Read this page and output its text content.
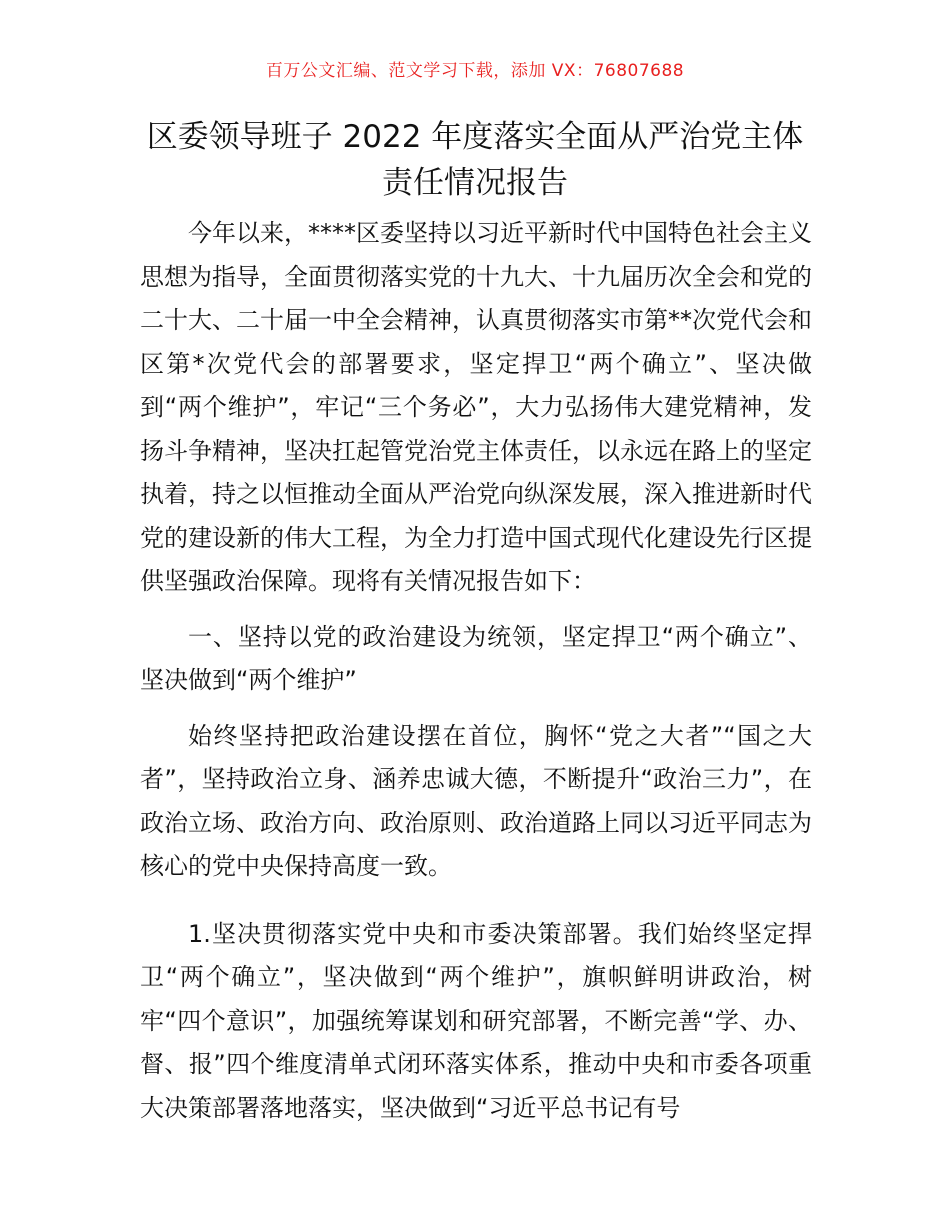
百万公文汇编、范文学习下载，添加 VX：76807688
区委领导班子 2022 年度落实全面从严治党主体
责任情况报告

今年以来，****区委坚持以习近平新时代中国特色社会主义思想为指导，全面贯彻落实党的十九大、十九届历次全会和党的二十大、二十届一中全会精神，认真贯彻落实市第**次党代会和区第*次党代会的部署要求，坚定捍卫“两个确立”、坚决做到“两个维护”，牢记“三个务必”，大力弘扬伟大建党精神，发扬斗争精神，坚决扛起管党治党主体责任，以永远在路上的坚定执着，持之以恒推动全面从严治党向纵深发展，深入推进新时代党的建设新的伟大工程，为全力打造中国式现代化建设先行区提供坚强政治保障。现将有关情况报告如下：

一、坚持以党的政治建设为统领，坚定捍卫“两个确立”、坚决做到“两个维护”

始终坚持把政治建设摆在首位，胸怀“党之大者”“国之大者”，坚持政治立身、涵养忠诚大德，不断提升“政治三力”，在政治立场、政治方向、政治原则、政治道路上同以习近平同志为核心的党中央保持高度一致。

1.坚决贯彻落实党中央和市委决策部署。我们始终坚定捍卫“两个确立”，坚决做到“两个维护”，旗帜鲜明讲政治，树牢“四个意识”，加强统筹谋划和研究部署，不断完善“学、办、督、报”四个维度清单式闭环落实体系，推动中央和市委各项重大决策部署落地落实，坚决做到“习近平总书记有号
